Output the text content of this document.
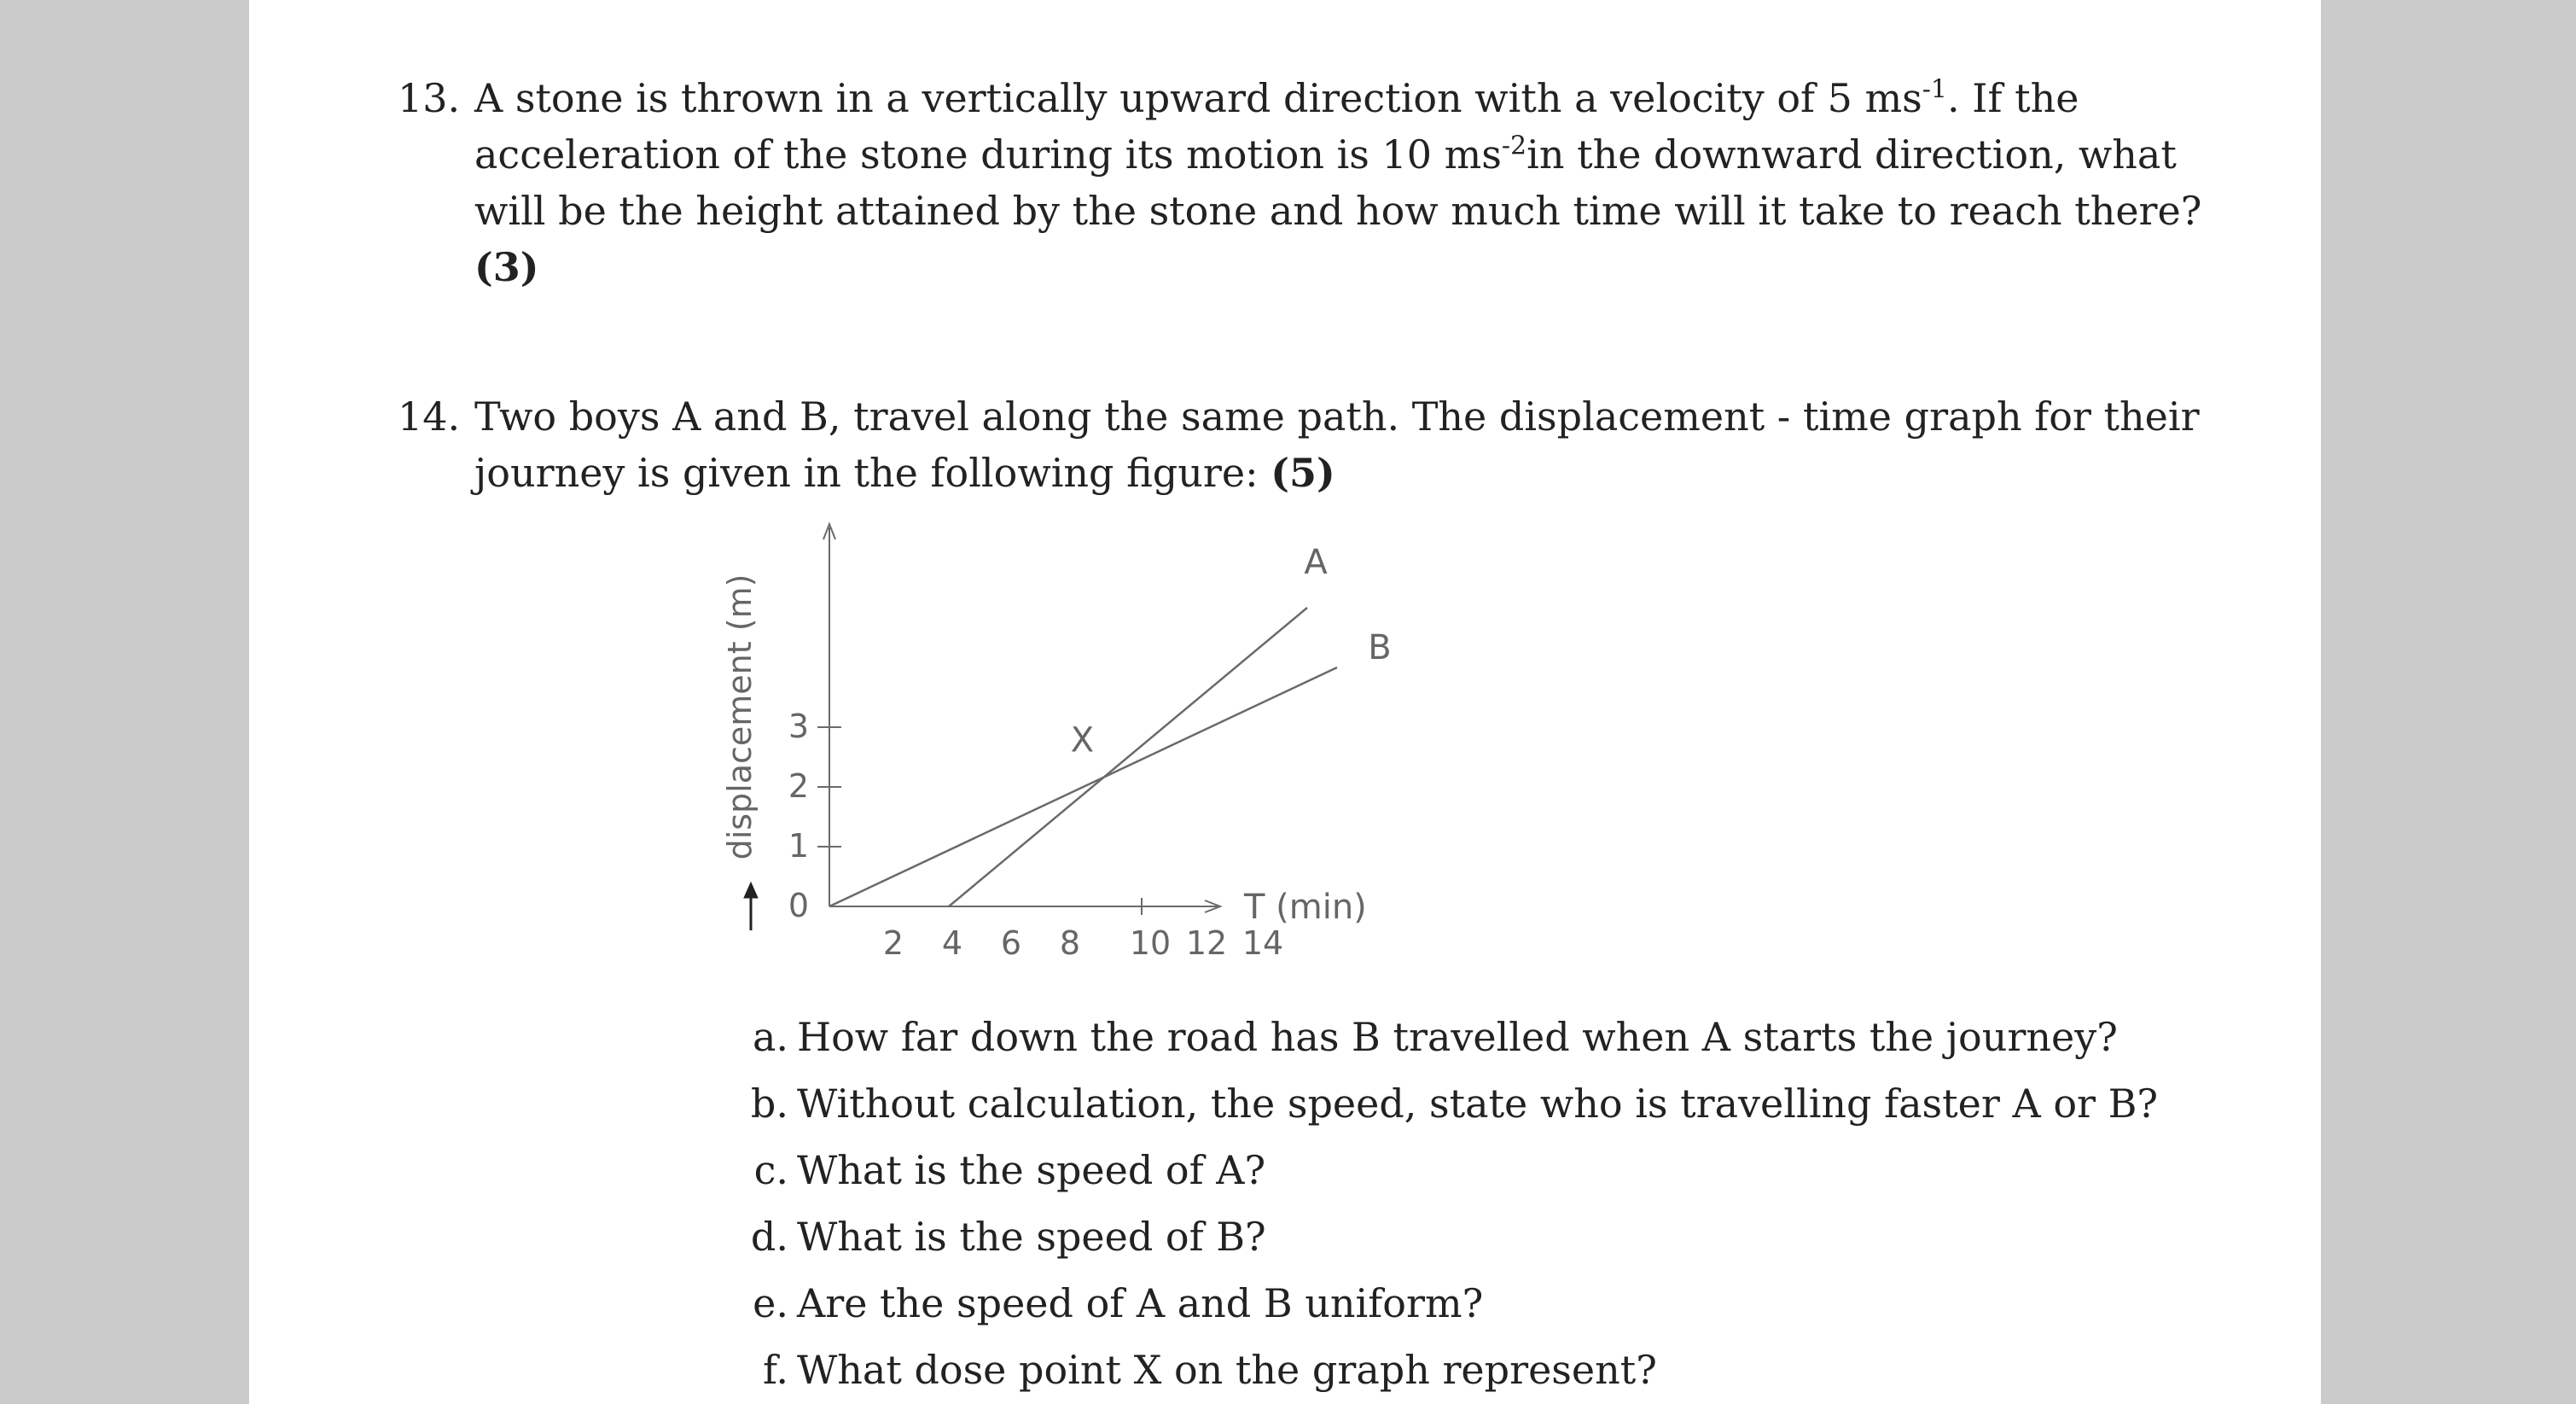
13. A stone is thrown in a vertically upward direction with a velocity of 5 $ms^{-1}$. If the
acceleration of the stone during its motion is 10 $ms^{-2}in$ the downward direction, what
will be the height attained by the stone and how much time will it take to reach there?
(3)
14. Two boys A and B, travel along the same path. The displacement - time graph for their
journey is given in the following figure: (5)
0
1
2
3
2 4 6 8 10 12 14
T (min)
displacement (m)
A
B
X
a. How far down the road has B travelled when A starts the journey?
b. Without calculation, the speed, state who is travelling faster A or B?
c. What is the speed of A?
d. What is the speed of B?
e. Are the speed of A and B uniform?
f. What dose point X on the graph represent?
